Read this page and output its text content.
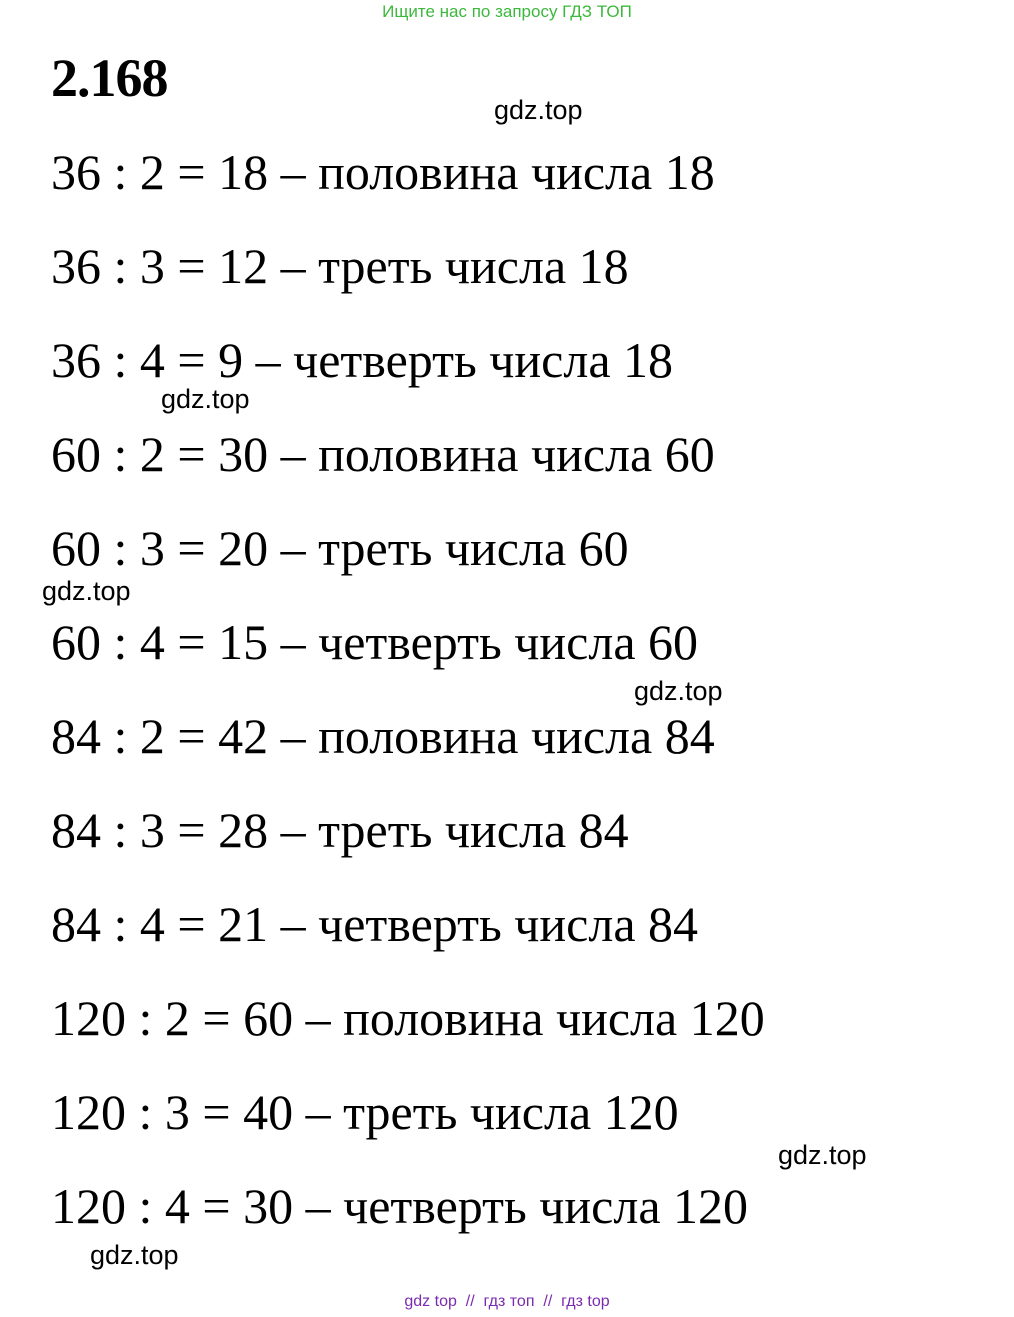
Ищите нас по запросу ГДЗ ТОП
2.168
gdz.top
36 : 2 = 18 – половина числа 18
36 : 3 = 12 – треть числа 18
36 : 4 = 9 – четверть числа 18
gdz.top
60 : 2 = 30 – половина числа 60
60 : 3 = 20 – треть числа 60
gdz.top
60 : 4 = 15 – четверть числа 60
gdz.top
84 : 2 = 42 – половина числа 84
84 : 3 = 28 – треть числа 84
84 : 4 = 21 – четверть числа 84
120 : 2 = 60 – половина числа 120
120 : 3 = 40 – треть числа 120
gdz.top
120 : 4 = 30 – четверть числа 120
gdz.top
gdz top  //  гдз топ  //  гдз top
